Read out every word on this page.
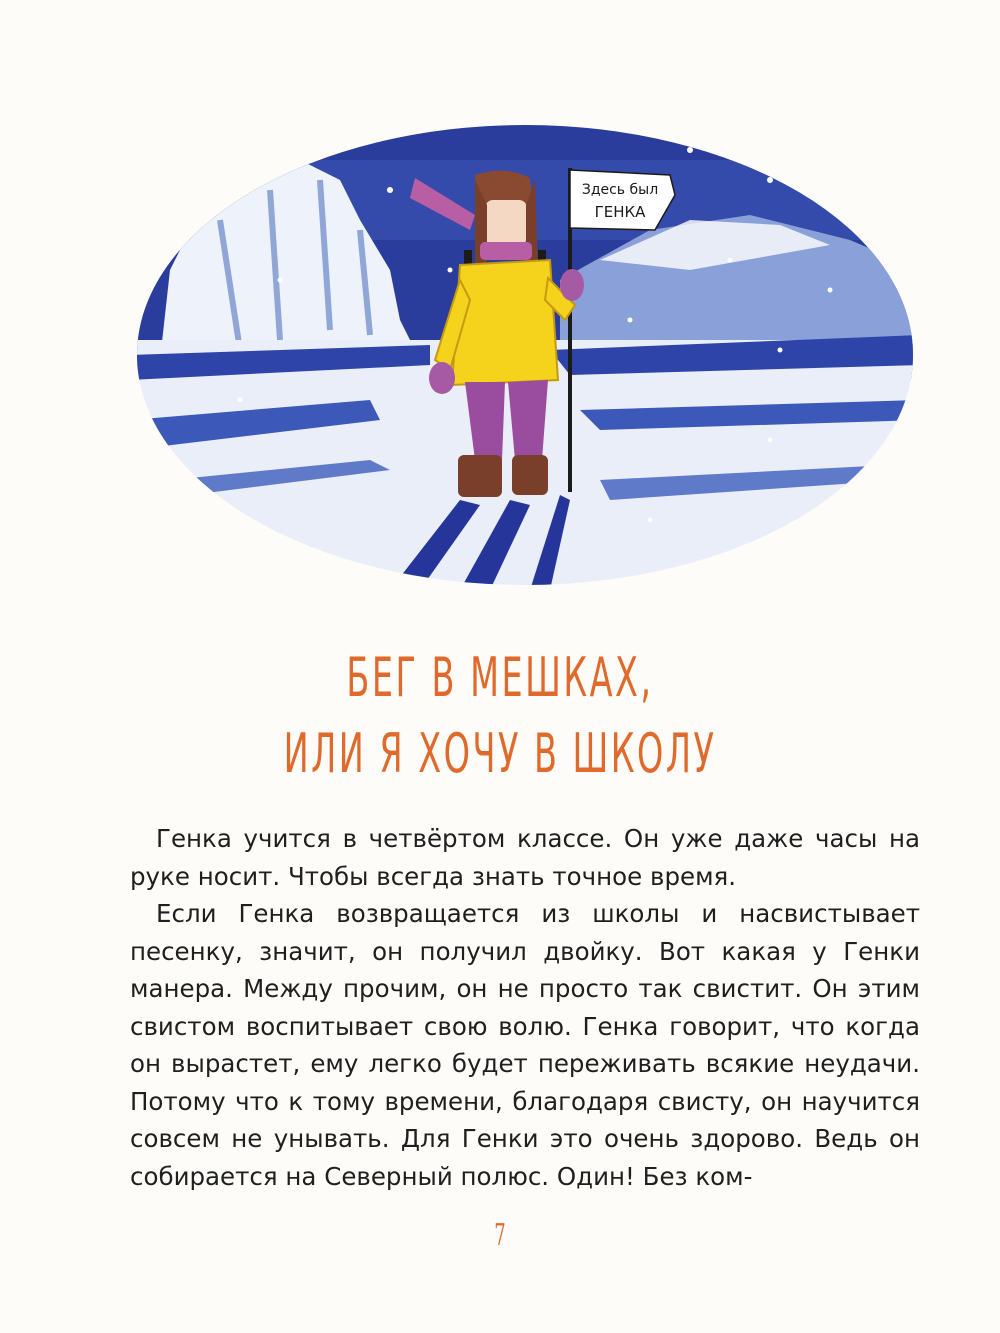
Здесь был
ГЕНКА
БЕГ В МЕШКАХ,
ИЛИ Я ХОЧУ В ШКОЛУ

Генка учится в четвёртом классе. Он уже даже часы на руке носит. Чтобы всегда знать точное время.

Если Генка возвращается из школы и насвистывает песенку, значит, он получил двойку. Вот какая у Генки манера. Между прочим, он не просто так свистит. Он этим свистом воспитывает свою волю. Генка говорит, что когда он вырастет, ему легко будет переживать всякие неудачи. Потому что к тому времени, благодаря свисту, он научится совсем не унывать. Для Генки это очень здорово. Ведь он собирается на Северный полюс. Один! Без ком-

7
